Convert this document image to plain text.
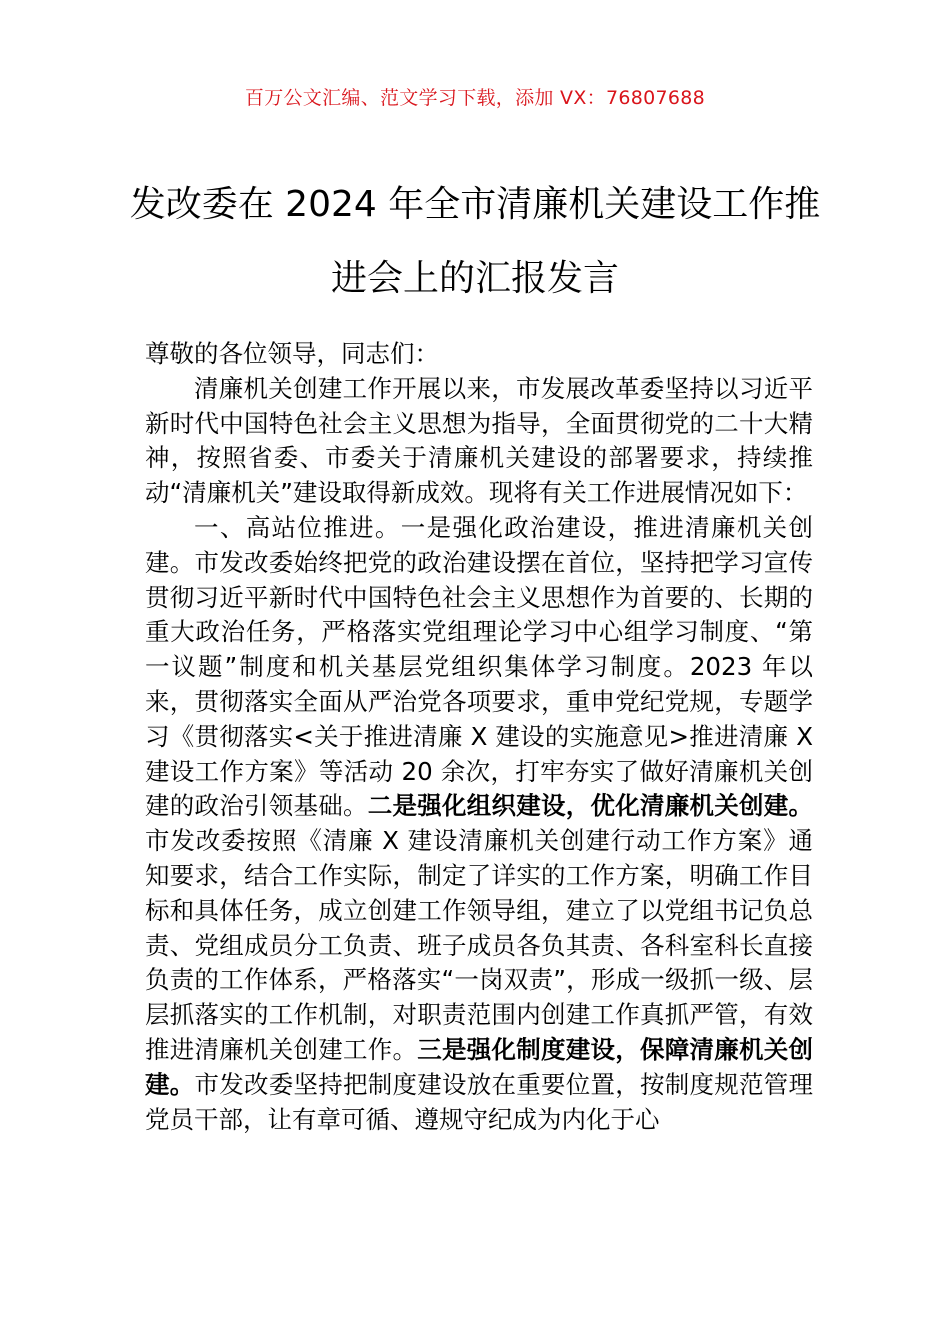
百万公文汇编、范文学习下载，添加 VX：76807688
发改委在 2024 年全市清廉机关建设工作推
进会上的汇报发言

尊敬的各位领导，同志们：

清廉机关创建工作开展以来，市发展改革委坚持以习近平新时代中国特色社会主义思想为指导，全面贯彻党的二十大精神，按照省委、市委关于清廉机关建设的部署要求，持续推动“清廉机关”建设取得新成效。现将有关工作进展情况如下：

一、高站位推进。一是强化政治建设，推进清廉机关创建。市发改委始终把党的政治建设摆在首位，坚持把学习宣传贯彻习近平新时代中国特色社会主义思想作为首要的、长期的重大政治任务，严格落实党组理论学习中心组学习制度、“第一议题”制度和机关基层党组织集体学习制度。2023 年以来，贯彻落实全面从严治党各项要求，重申党纪党规，专题学习《贯彻落实<关于推进清廉 X 建设的实施意见>推进清廉 X 建设工作方案》等活动 20 余次，打牢夯实了做好清廉机关创建的政治引领基础。二是强化组织建设，优化清廉机关创建。市发改委按照《清廉 X 建设清廉机关创建行动工作方案》通知要求，结合工作实际，制定了详实的工作方案，明确工作目标和具体任务，成立创建工作领导组，建立了以党组书记负总责、党组成员分工负责、班子成员各负其责、各科室科长直接负责的工作体系，严格落实“一岗双责”，形成一级抓一级、层层抓落实的工作机制，对职责范围内创建工作真抓严管，有效推进清廉机关创建工作。三是强化制度建设，保障清廉机关创建。市发改委坚持把制度建设放在重要位置，按制度规范管理党员干部，让有章可循、遵规守纪成为内化于心
